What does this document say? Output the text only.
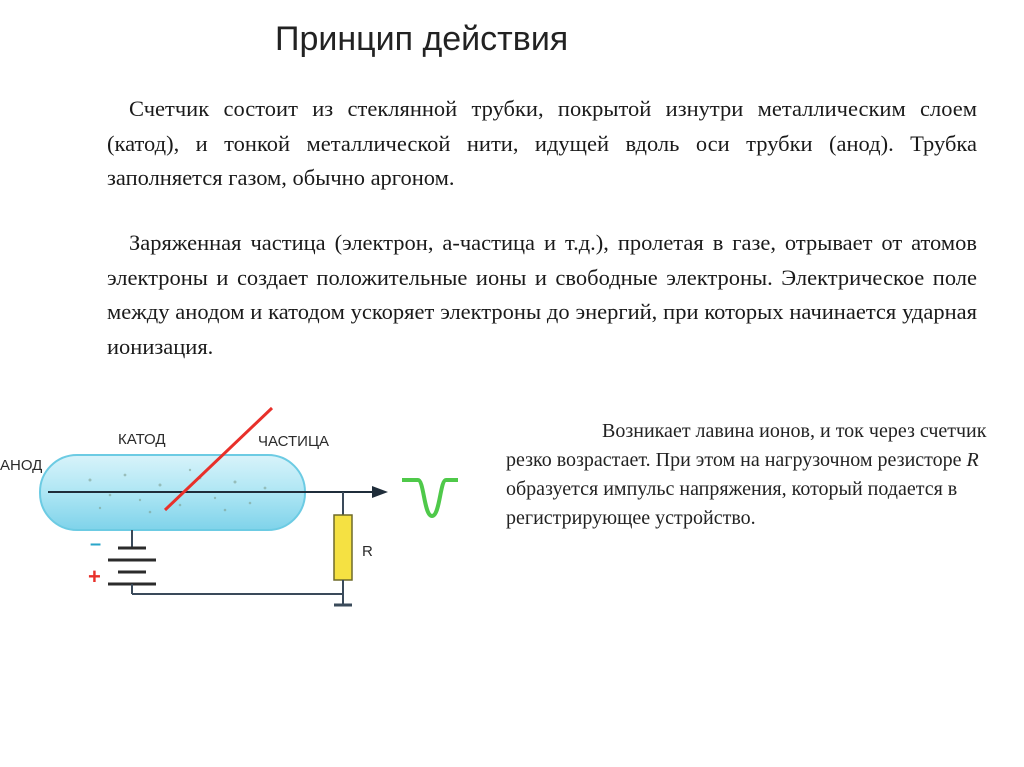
Принцип действия

Счетчик состоит из стеклянной трубки, покрытой изнутри металлическим слоем (катод), и тонкой металлической нити, идущей вдоль оси трубки (анод). Трубка заполняется газом, обычно аргоном.

Заряженная частица (электрон, а-частица и т.д.), пролетая в газе, отрывает от атомов электроны и создает положительные ионы и свободные электроны. Электрическое поле между анодом и катодом ускоряет электроны до энергий, при которых начинается ударная ионизация.

АНОД
КАТОД	ЧАСТИЦА
R
–
+

Возникает лавина ионов, и ток через счетчик резко возрастает. При этом на нагрузочном резисторе R образуется импульс напряжения, который подается в регистрирующее устройство.
